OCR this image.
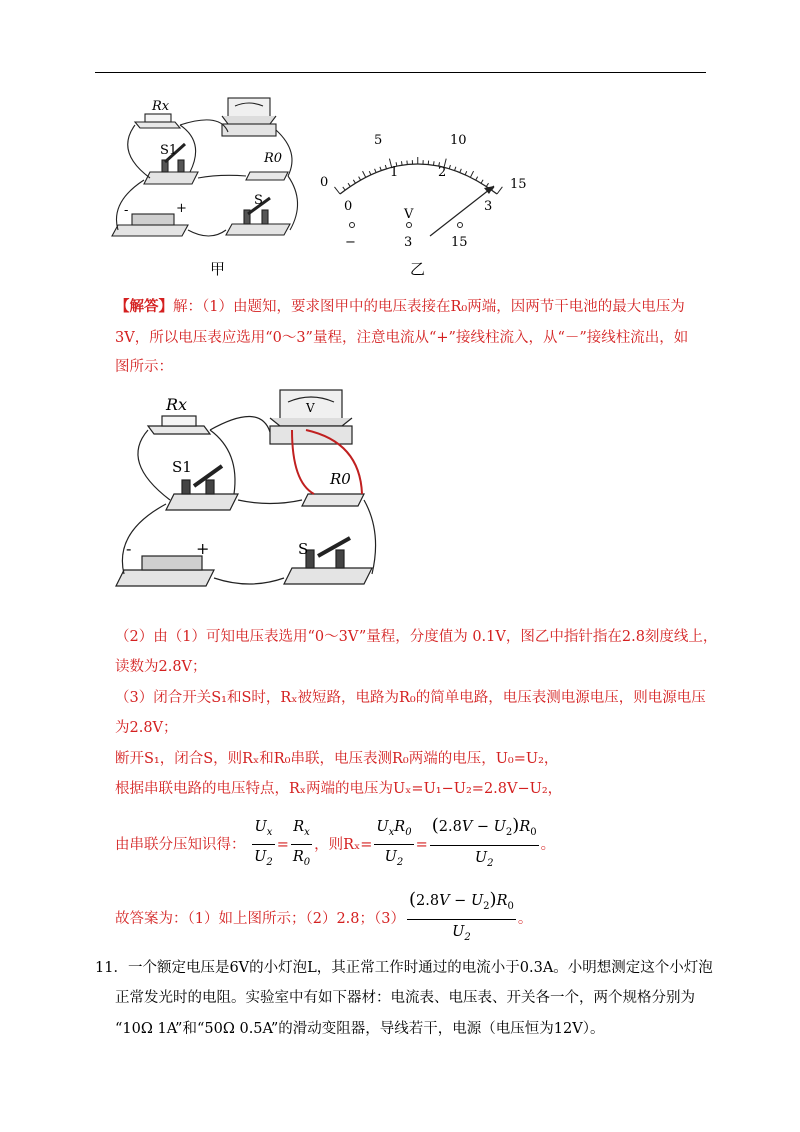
Rx
S1
R0
S
-	+
甲
0
5	10
15
0
1	2
3
V
−	3	15
乙
【解答】解：（1）由题知，要求图甲中的电压表接在R₀两端，因两节干电池的最大电压为
3V，所以电压表应选用“0～3”量程，注意电流从“+”接线柱流入，从“－”接线柱流出，如
图所示：
Rx	V
S1
R0
S
-	+
（2）由（1）可知电压表选用“0～3V”量程，分度值为 0.1V，图乙中指针指在2.8刻度线上，
读数为2.8V；
（3）闭合开关S₁和S时，Rₓ被短路，电路为R₀的简单电路，电压表测电源电压，则电源电压
为2.8V；
断开S₁，闭合S，则Rₓ和R₀串联，电压表测R₀两端的电压，U₀=U₂，
根据串联电路的电压特点，Rₓ两端的电压为Uₓ=U₁−U₂=2.8V−U₂，
由串联分压知识得： $\frac{U_x}{U_2} = \frac{R_x}{R_0}$ ，则$R_x= \frac{U_xR_0}{U_2} = \frac{(2.8V - U_2)R_0}{U_2}$ 。
故答案为：（1）如上图所示；（2）2.8；$(3) \frac{(2.8V - U_2)R_0}{U_2}$ 。
11．一个额定电压是6V的小灯泡L，其正常工作时通过的电流小于0.3A。小明想测定这个小灯泡
正常发光时的电阻。实验室中有如下器材：电流表、电压表、开关各一个，两个规格分别为
“10Ω 1A”和“50Ω 0.5A”的滑动变阻器，导线若干，电源（电压恒为12V）。
